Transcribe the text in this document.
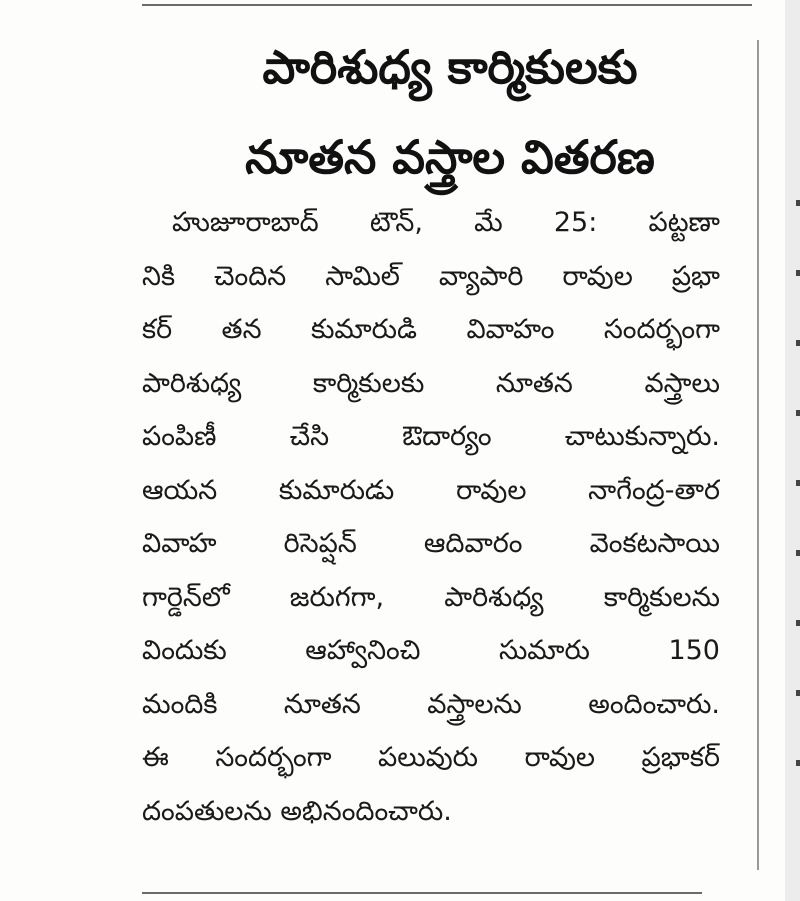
పారిశుధ్య కార్మికులకు
నూతన వస్త్రాల వితరణ
హుజూరాబాద్ టౌన్, మే 25: పట్టణా
నికి చెందిన సామిల్ వ్యాపారి రావుల ప్రభా
కర్ తన కుమారుడి వివాహం సందర్భంగా
పారిశుధ్య కార్మికులకు నూతన వస్త్రాలు
పంపిణీ చేసి ఔదార్యం చాటుకున్నారు.
ఆయన కుమారుడు రావుల నాగేంద్ర-తార
వివాహ రిసెప్షన్ ఆదివారం వెంకటసాయి
గార్డెన్‌లో జరుగగా, పారిశుధ్య కార్మికులను
విందుకు ఆహ్వానించి సుమారు 150
మందికి నూతన వస్త్రాలను అందించారు.
ఈ సందర్భంగా పలువురు రావుల ప్రభాకర్
దంపతులను అభినందించారు.
